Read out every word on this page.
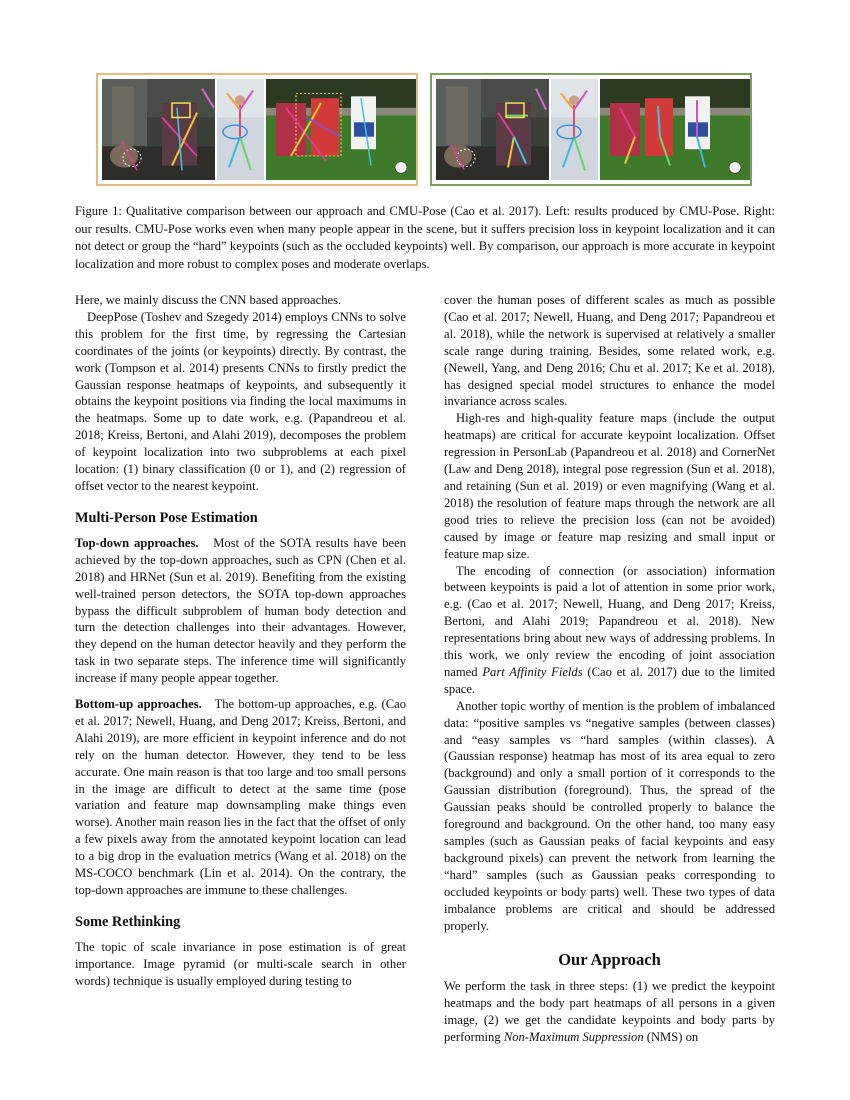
Figure 1: Qualitative comparison between our approach and CMU-Pose (Cao et al. 2017). Left: results produced by CMU-Pose. Right: our results. CMU-Pose works even when many people appear in the scene, but it suffers precision loss in keypoint localization and it can not detect or group the “hard” keypoints (such as the occluded keypoints) well. By comparison, our approach is more accurate in keypoint localization and more robust to complex poses and moderate overlaps.

Here, we mainly discuss the CNN based approaches.

DeepPose (Toshev and Szegedy 2014) employs CNNs to solve this problem for the first time, by regressing the Cartesian coordinates of the joints (or keypoints) directly. By contrast, the work (Tompson et al. 2014) presents CNNs to firstly predict the Gaussian response heatmaps of keypoints, and subsequently it obtains the keypoint positions via finding the local maximums in the heatmaps. Some up to date work, e.g. (Papandreou et al. 2018; Kreiss, Bertoni, and Alahi 2019), decomposes the problem of keypoint localization into two subproblems at each pixel location: (1) binary classification (0 or 1), and (2) regression of offset vector to the nearest keypoint.

Multi-Person Pose Estimation

Top-down approaches. Most of the SOTA results have been achieved by the top-down approaches, such as CPN (Chen et al. 2018) and HRNet (Sun et al. 2019). Benefiting from the existing well-trained person detectors, the SOTA top-down approaches bypass the difficult subproblem of human body detection and turn the detection challenges into their advantages. However, they depend on the human detector heavily and they perform the task in two separate steps. The inference time will significantly increase if many people appear together.

Bottom-up approaches. The bottom-up approaches, e.g. (Cao et al. 2017; Newell, Huang, and Deng 2017; Kreiss, Bertoni, and Alahi 2019), are more efficient in keypoint inference and do not rely on the human detector. However, they tend to be less accurate. One main reason is that too large and too small persons in the image are difficult to detect at the same time (pose variation and feature map downsampling make things even worse). Another main reason lies in the fact that the offset of only a few pixels away from the annotated keypoint location can lead to a big drop in the evaluation metrics (Wang et al. 2018) on the MS-COCO benchmark (Lin et al. 2014). On the contrary, the top-down approaches are immune to these challenges.

Some Rethinking

The topic of scale invariance in pose estimation is of great importance. Image pyramid (or multi-scale search in other words) technique is usually employed during testing to

cover the human poses of different scales as much as possible (Cao et al. 2017; Newell, Huang, and Deng 2017; Papandreou et al. 2018), while the network is supervised at relatively a smaller scale range during training. Besides, some related work, e.g. (Newell, Yang, and Deng 2016; Chu et al. 2017; Ke et al. 2018), has designed special model structures to enhance the model invariance across scales.

High-res and high-quality feature maps (include the output heatmaps) are critical for accurate keypoint localization. Offset regression in PersonLab (Papandreou et al. 2018) and CornerNet (Law and Deng 2018), integral pose regression (Sun et al. 2018), and retaining (Sun et al. 2019) or even magnifying (Wang et al. 2018) the resolution of feature maps through the network are all good tries to relieve the precision loss (can not be avoided) caused by image or feature map resizing and small input or feature map size.

The encoding of connection (or association) information between keypoints is paid a lot of attention in some prior work, e.g. (Cao et al. 2017; Newell, Huang, and Deng 2017; Kreiss, Bertoni, and Alahi 2019; Papandreou et al. 2018). New representations bring about new ways of addressing problems. In this work, we only review the encoding of joint association named Part Affinity Fields (Cao et al. 2017) due to the limited space.

Another topic worthy of mention is the problem of imbalanced data: “positive samples vs “negative samples (between classes) and “easy samples vs “hard samples (within classes). A (Gaussian response) heatmap has most of its area equal to zero (background) and only a small portion of it corresponds to the Gaussian distribution (foreground). Thus, the spread of the Gaussian peaks should be controlled properly to balance the foreground and background. On the other hand, too many easy samples (such as Gaussian peaks of facial keypoints and easy background pixels) can prevent the network from learning the “hard” samples (such as Gaussian peaks corresponding to occluded keypoints or body parts) well. These two types of data imbalance problems are critical and should be addressed properly.

Our Approach

We perform the task in three steps: (1) we predict the keypoint heatmaps and the body part heatmaps of all persons in a given image, (2) we get the candidate keypoints and body parts by performing Non-Maximum Suppression (NMS) on
